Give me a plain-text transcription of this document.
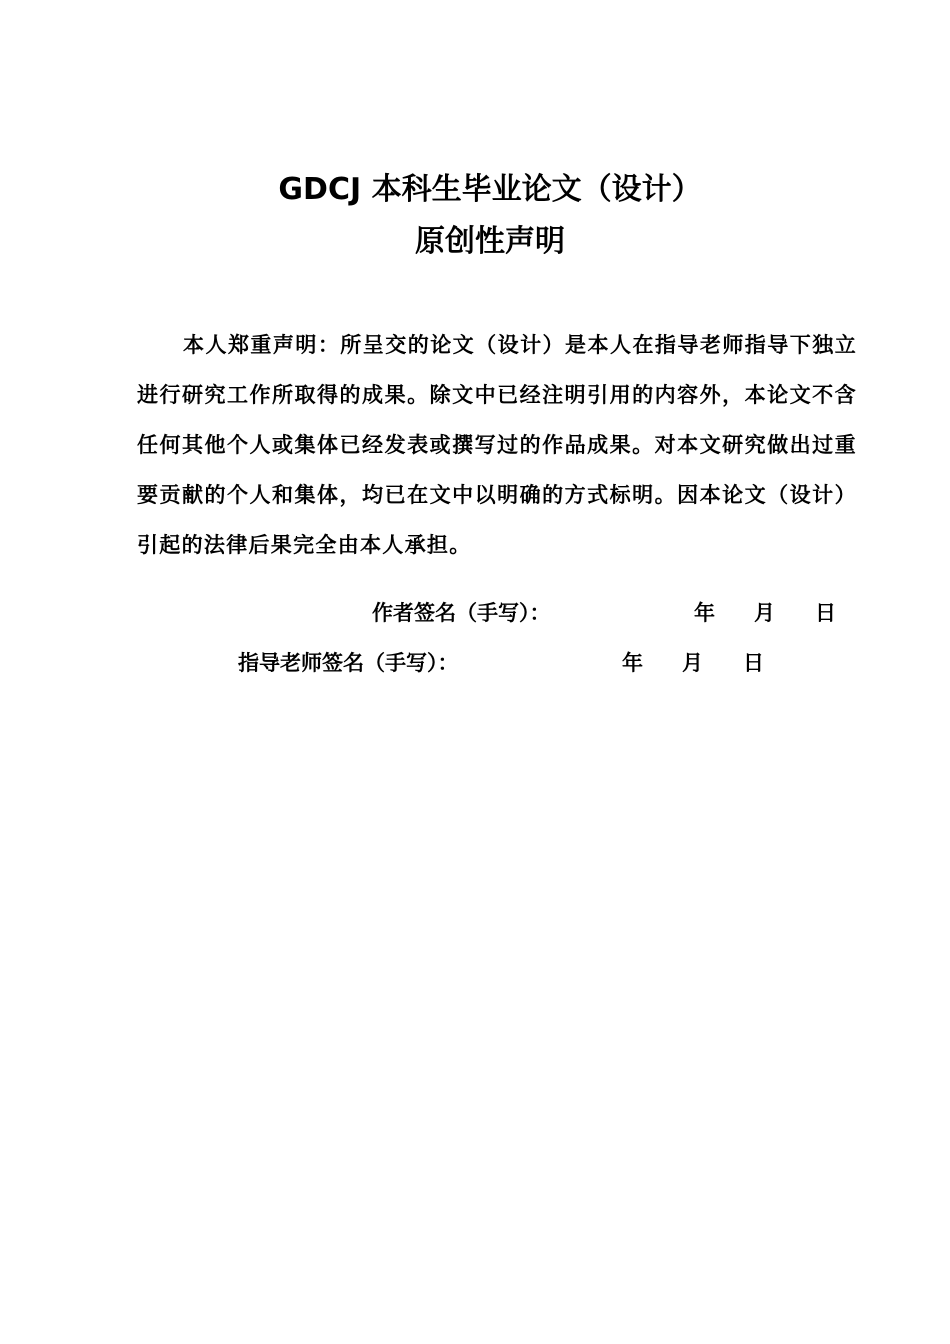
GDCJ 本科生毕业论文（设计）
原创性声明

本人郑重声明：所呈交的论文（设计）是本人在指导老师指导下独立进行研究工作所取得的成果。除文中已经注明引用的内容外，本论文不含任何其他个人或集体已经发表或撰写过的作品成果。对本文研究做出过重要贡献的个人和集体，均已在文中以明确的方式标明。因本论文（设计）引起的法律后果完全由本人承担。

作者签名（手写）：	年 月 日
指导老师签名（手写）：	年 月 日
